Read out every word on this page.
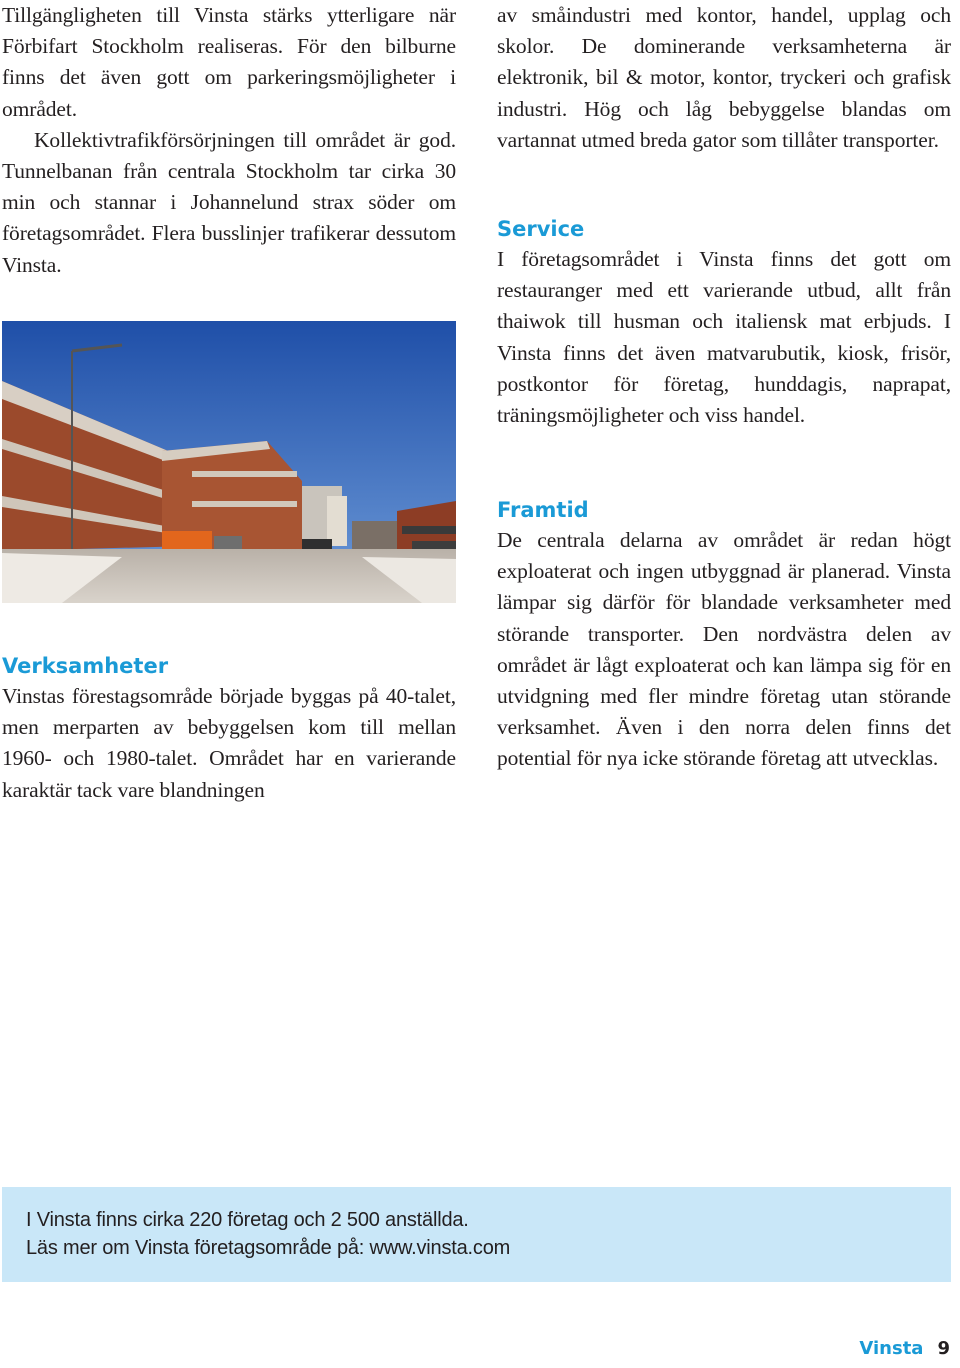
Tillgängligheten till Vinsta stärks ytterligare när Förbifart Stockholm realiseras. För den bilburne finns det även gott om parkeringsmöjligheter i området.

Kollektivtrafikförsörjningen till området är god. Tunnelbanan från centrala Stockholm tar cirka 30 min och stannar i Johannelund strax söder om företagsområdet. Flera busslinjer trafikerar dessutom Vinsta.

Verksamheter

Vinstas förestagsområde började byggas på 40-talet, men merparten av bebyggelsen kom till mellan 1960- och 1980-talet. Området har en varierande karaktär tack vare blandningen

av småindustri med kontor, handel, upplag och skolor. De dominerande verksamheterna är elektronik, bil & motor, kontor, tryckeri och grafisk industri. Hög och låg bebyggelse blandas om vartannat utmed breda gator som tillåter transporter.

Service

I företagsområdet i Vinsta finns det gott om restauranger med ett varierande utbud, allt från thaiwok till husman och italiensk mat erbjuds. I Vinsta finns det även matvarubutik, kiosk, frisör, postkontor för företag, hunddagis, naprapat, träningsmöjligheter och viss handel.

Framtid

De centrala delarna av området är redan högt exploaterat och ingen utbyggnad är planerad. Vinsta lämpar sig därför för blandade verksamheter med störande transporter. Den nordvästra delen av området är lågt exploaterat och kan lämpa sig för en utvidgning med fler mindre företag utan störande verksamhet. Även i den norra delen finns det potential för nya icke störande företag att utvecklas.

I Vinsta finns cirka 220 företag och 2 500 anställda.
Läs mer om Vinsta företagsområde på: www.vinsta.com
Vinsta 9
